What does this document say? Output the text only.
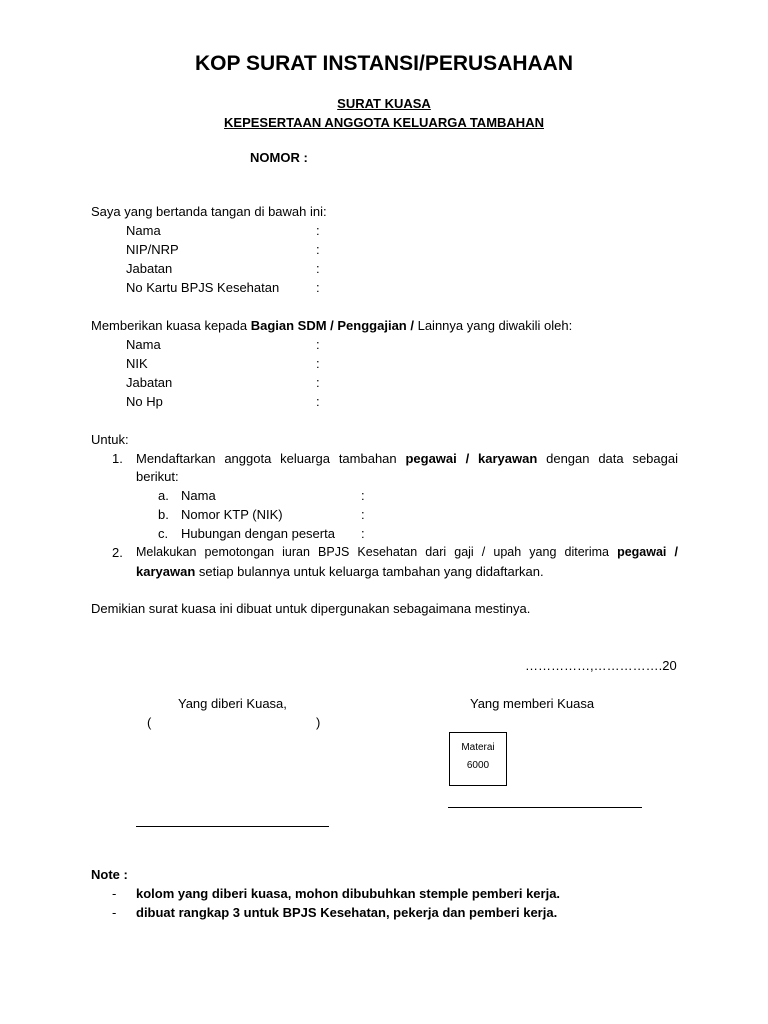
KOP SURAT INSTANSI/PERUSAHAAN
SURAT KUASA
KEPESERTAAN ANGGOTA KELUARGA TAMBAHAN
NOMOR :
Saya yang bertanda tangan di bawah ini:
Nama	:
NIP/NRP	:
Jabatan	:
No Kartu BPJS Kesehatan	:
Memberikan kuasa kepada Bagian SDM / Penggajian / Lainnya yang diwakili oleh:
Nama	:
NIK	:
Jabatan	:
No Hp	:
Untuk:
1. Mendaftarkan anggota keluarga tambahan pegawai / karyawan dengan data sebagai
berikut:
a. Nama	:
b. Nomor KTP (NIK)	:
c. Hubungan dengan peserta :
2. Melakukan pemotongan iuran BPJS Kesehatan dari gaji / upah yang diterima pegawai /
karyawan setiap bulannya untuk keluarga tambahan yang didaftarkan.
Demikian surat kuasa ini dibuat untuk dipergunakan sebagaimana mestinya.
……………,…………….20
Yang diberi Kuasa,
(	)
Yang memberi Kuasa
Materai
6000
Note :
- kolom yang diberi kuasa, mohon dibubuhkan stemple pemberi kerja.
- dibuat rangkap 3 untuk BPJS Kesehatan, pekerja dan pemberi kerja.
